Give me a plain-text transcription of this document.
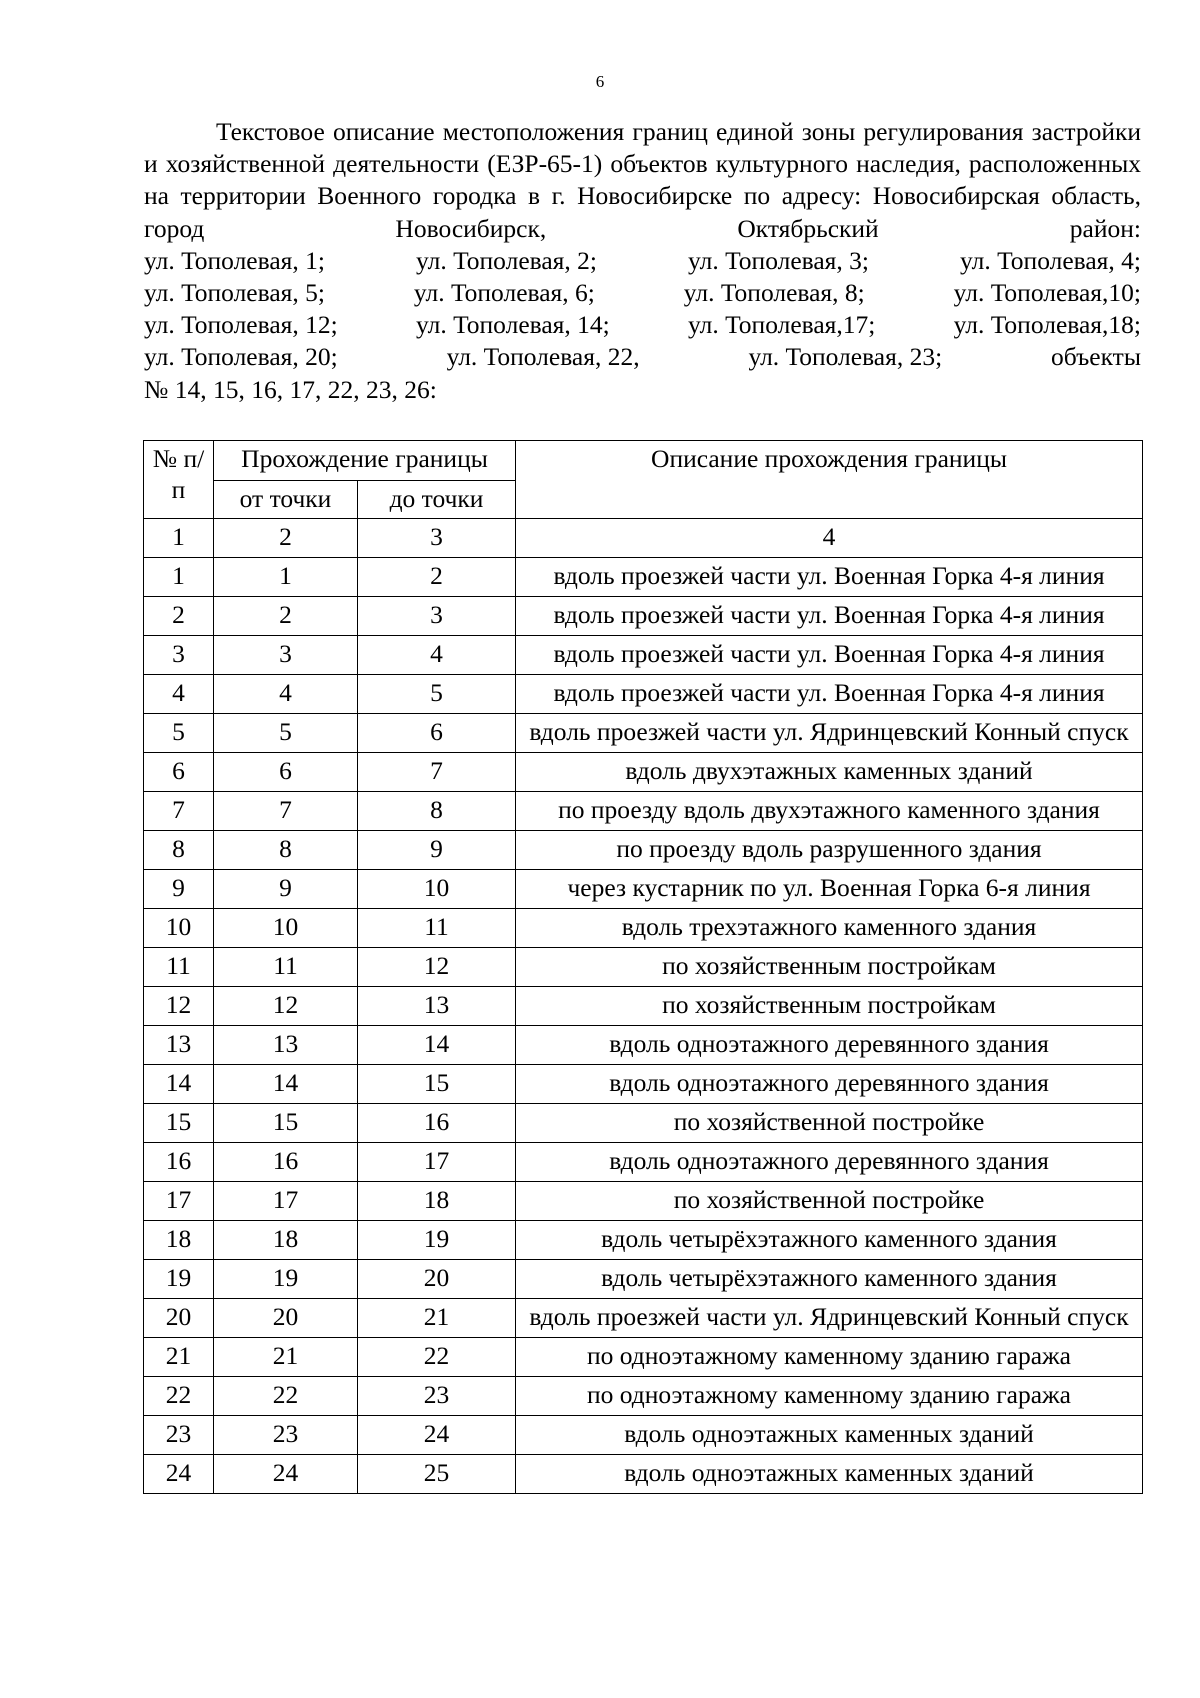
6

Текстовое описание местоположения границ единой зоны регулирования застройки и хозяйственной деятельности (ЕЗР-65-1) объектов культурного наследия, расположенных на территории Военного городка в г. Новосибирске по адресу: Новосибирская область, город Новосибирск, Октябрьский район:

ул. Тополевая, 1;	ул. Тополевая, 2;	ул. Тополевая, 3;	ул. Тополевая, 4;
ул. Тополевая, 5;	ул. Тополевая, 6;	ул. Тополевая, 8;	ул. Тополевая,10;
ул. Тополевая, 12;	ул. Тополевая, 14;	ул. Тополевая,17;	ул. Тополевая,18;
ул. Тополевая, 20;	ул. Тополевая, 22,	ул. Тополевая, 23;	объекты
№ 14, 15, 16, 17, 22, 23, 26:
№ п/п	Прохождение границы		Описание прохождения границы
	от точки	до точки	
1	2	3	4
1	1	2	вдоль проезжей части ул. Военная Горка 4-я линия
2	2	3	вдоль проезжей части ул. Военная Горка 4-я линия
3	3	4	вдоль проезжей части ул. Военная Горка 4-я линия
4	4	5	вдоль проезжей части ул. Военная Горка 4-я линия
5	5	6	вдоль проезжей части ул. Ядринцевский Конный спуск
6	6	7	вдоль двухэтажных каменных зданий
7	7	8	по проезду вдоль двухэтажного каменного здания
8	8	9	по проезду вдоль разрушенного здания
9	9	10	через кустарник по ул. Военная Горка 6-я линия
10	10	11	вдоль трехэтажного каменного здания
11	11	12	по хозяйственным постройкам
12	12	13	по хозяйственным постройкам
13	13	14	вдоль одноэтажного деревянного здания
14	14	15	вдоль одноэтажного деревянного здания
15	15	16	по хозяйственной постройке
16	16	17	вдоль одноэтажного деревянного здания
17	17	18	по хозяйственной постройке
18	18	19	вдоль четырёхэтажного каменного здания
19	19	20	вдоль четырёхэтажного каменного здания
20	20	21	вдоль проезжей части ул. Ядринцевский Конный спуск
21	21	22	по одноэтажному каменному зданию гаража
22	22	23	по одноэтажному каменному зданию гаража
23	23	24	вдоль одноэтажных каменных зданий
24	24	25	вдоль одноэтажных каменных зданий
